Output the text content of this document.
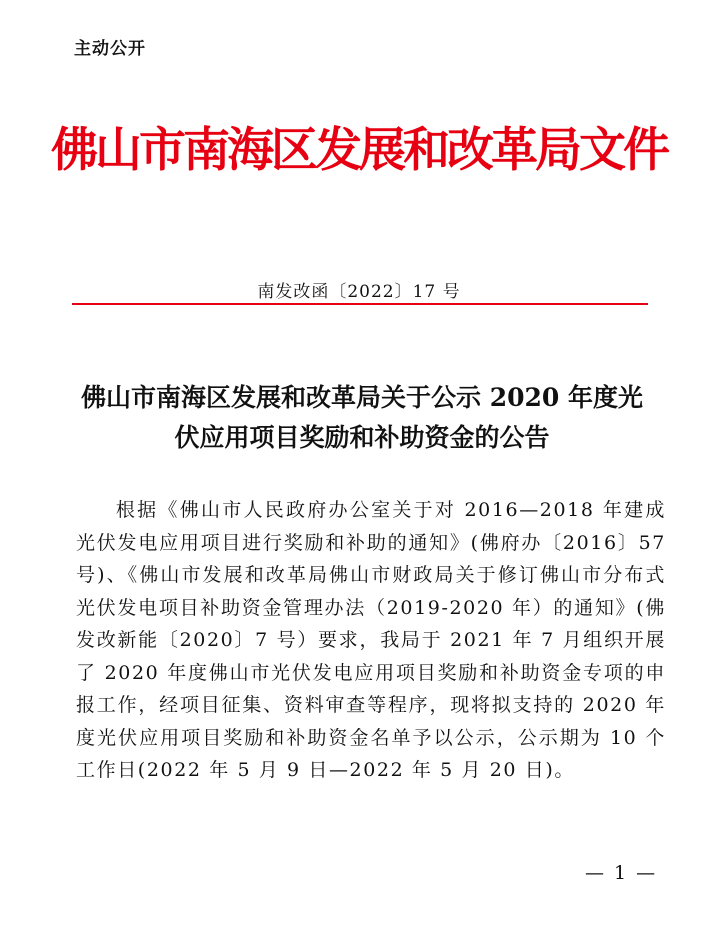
主动公开
佛山市南海区发展和改革局文件
南发改函〔2022〕17 号
佛山市南海区发展和改革局关于公示 2020 年度光伏应用项目奖励和补助资金的公告
根据《佛山市人民政府办公室关于对 2016—2018 年建成光伏发电应用项目进行奖励和补助的通知》(佛府办〔2016〕57 号)、《佛山市发展和改革局佛山市财政局关于修订佛山市分布式光伏发电项目补助资金管理办法（2019-2020 年）的通知》(佛发改新能〔2020〕7 号）要求，我局于 2021 年 7 月组织开展了 2020 年度佛山市光伏发电应用项目奖励和补助资金专项的申报工作，经项目征集、资料审查等程序，现将拟支持的 2020 年度光伏应用项目奖励和补助资金名单予以公示，公示期为 10 个工作日(2022 年 5 月 9 日—2022 年 5 月 20 日)。
— 1 —
